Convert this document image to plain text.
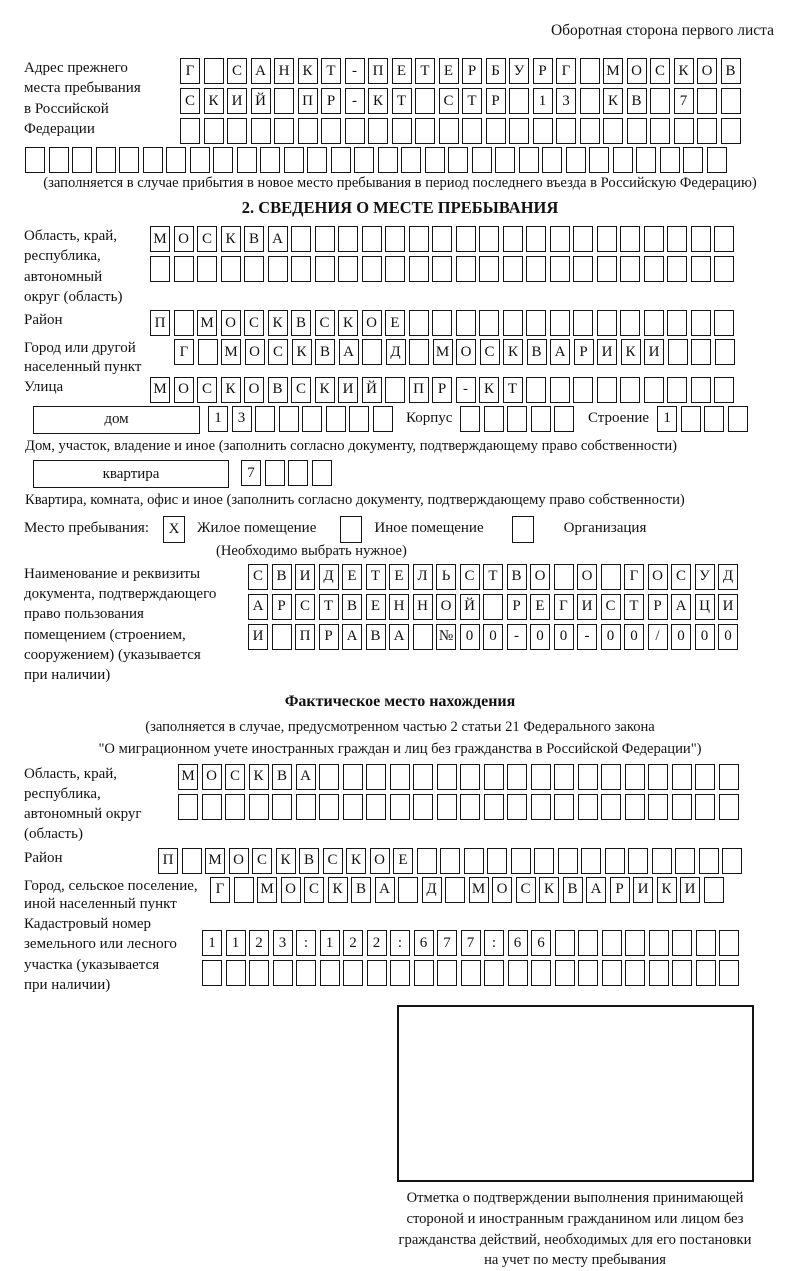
Оборотная сторона первого листа
Адрес прежнего
места пребывания
в Российской
Федерации
Г	С А Н К Т	-	П Е Т Е Р	Б У Р Г	М О С К О В
С К И Й	П Р	-	К Т	С Т Р	1	3	К В	7
(заполняется в случае прибытия в новое место пребывания в период последнего въезда в Российскую Федерацию)
2. СВЕДЕНИЯ О МЕСТЕ ПРЕБЫВАНИЯ
Область, край,
республика,
автономный
округ (область)
М О С К В А
Район	П	М О С К В С К О Е
Город или другой
населенный пункт
Г	М О С К В А	Д	М О С К В А Р И К И
Улица	М О С К О В С К И Й	П Р	-	К Т
дом	1	3	Корпус	Строение 1
Дом, участок, владение и иное (заполнить согласно документу, подтверждающему право собственности)
квартира	7
Квартира, комната, офис и иное (заполнить согласно документу, подтверждающему право собственности)
Место пребывания:	X	Жилое помещение	Иное помещение	Организация
(Необходимо выбрать нужное)
Наименование и реквизиты
документа, подтверждающего
право пользования
помещением (строением,
сооружением) (указывается
при наличии)
С В И Д Е Т Е Л Ь С Т В О	О	Г О С У Д
А Р С Т В Е Н Н О Й	Р Е Г И С Т Р А Ц И
И	П Р А В А	№ 0	0	-	0	0	-	0	0	/	0	0	0
Фактическое место нахождения
(заполняется в случае, предусмотренном частью 2 статьи 21 Федерального закона
"О миграционном учете иностранных граждан и лиц без гражданства в Российской Федерации")
Область, край,
республика,
автономный округ
(область)
М О С К В А
Район	П	М О С К В С К О Е
Город, сельское поселение,
иной населенный пункт
Г	М О С К В А	Д	М О С К В А Р И К И
Кадастровый номер
земельного или лесного
участка (указывается
при наличии)
1	1	2	3	:	1	2	2	:	6	7	7	:	6	6
Отметка о подтверждении выполнения принимающей
стороной и иностранным гражданином или лицом без
гражданства действий, необходимых для его постановки
на учет по месту пребывания
